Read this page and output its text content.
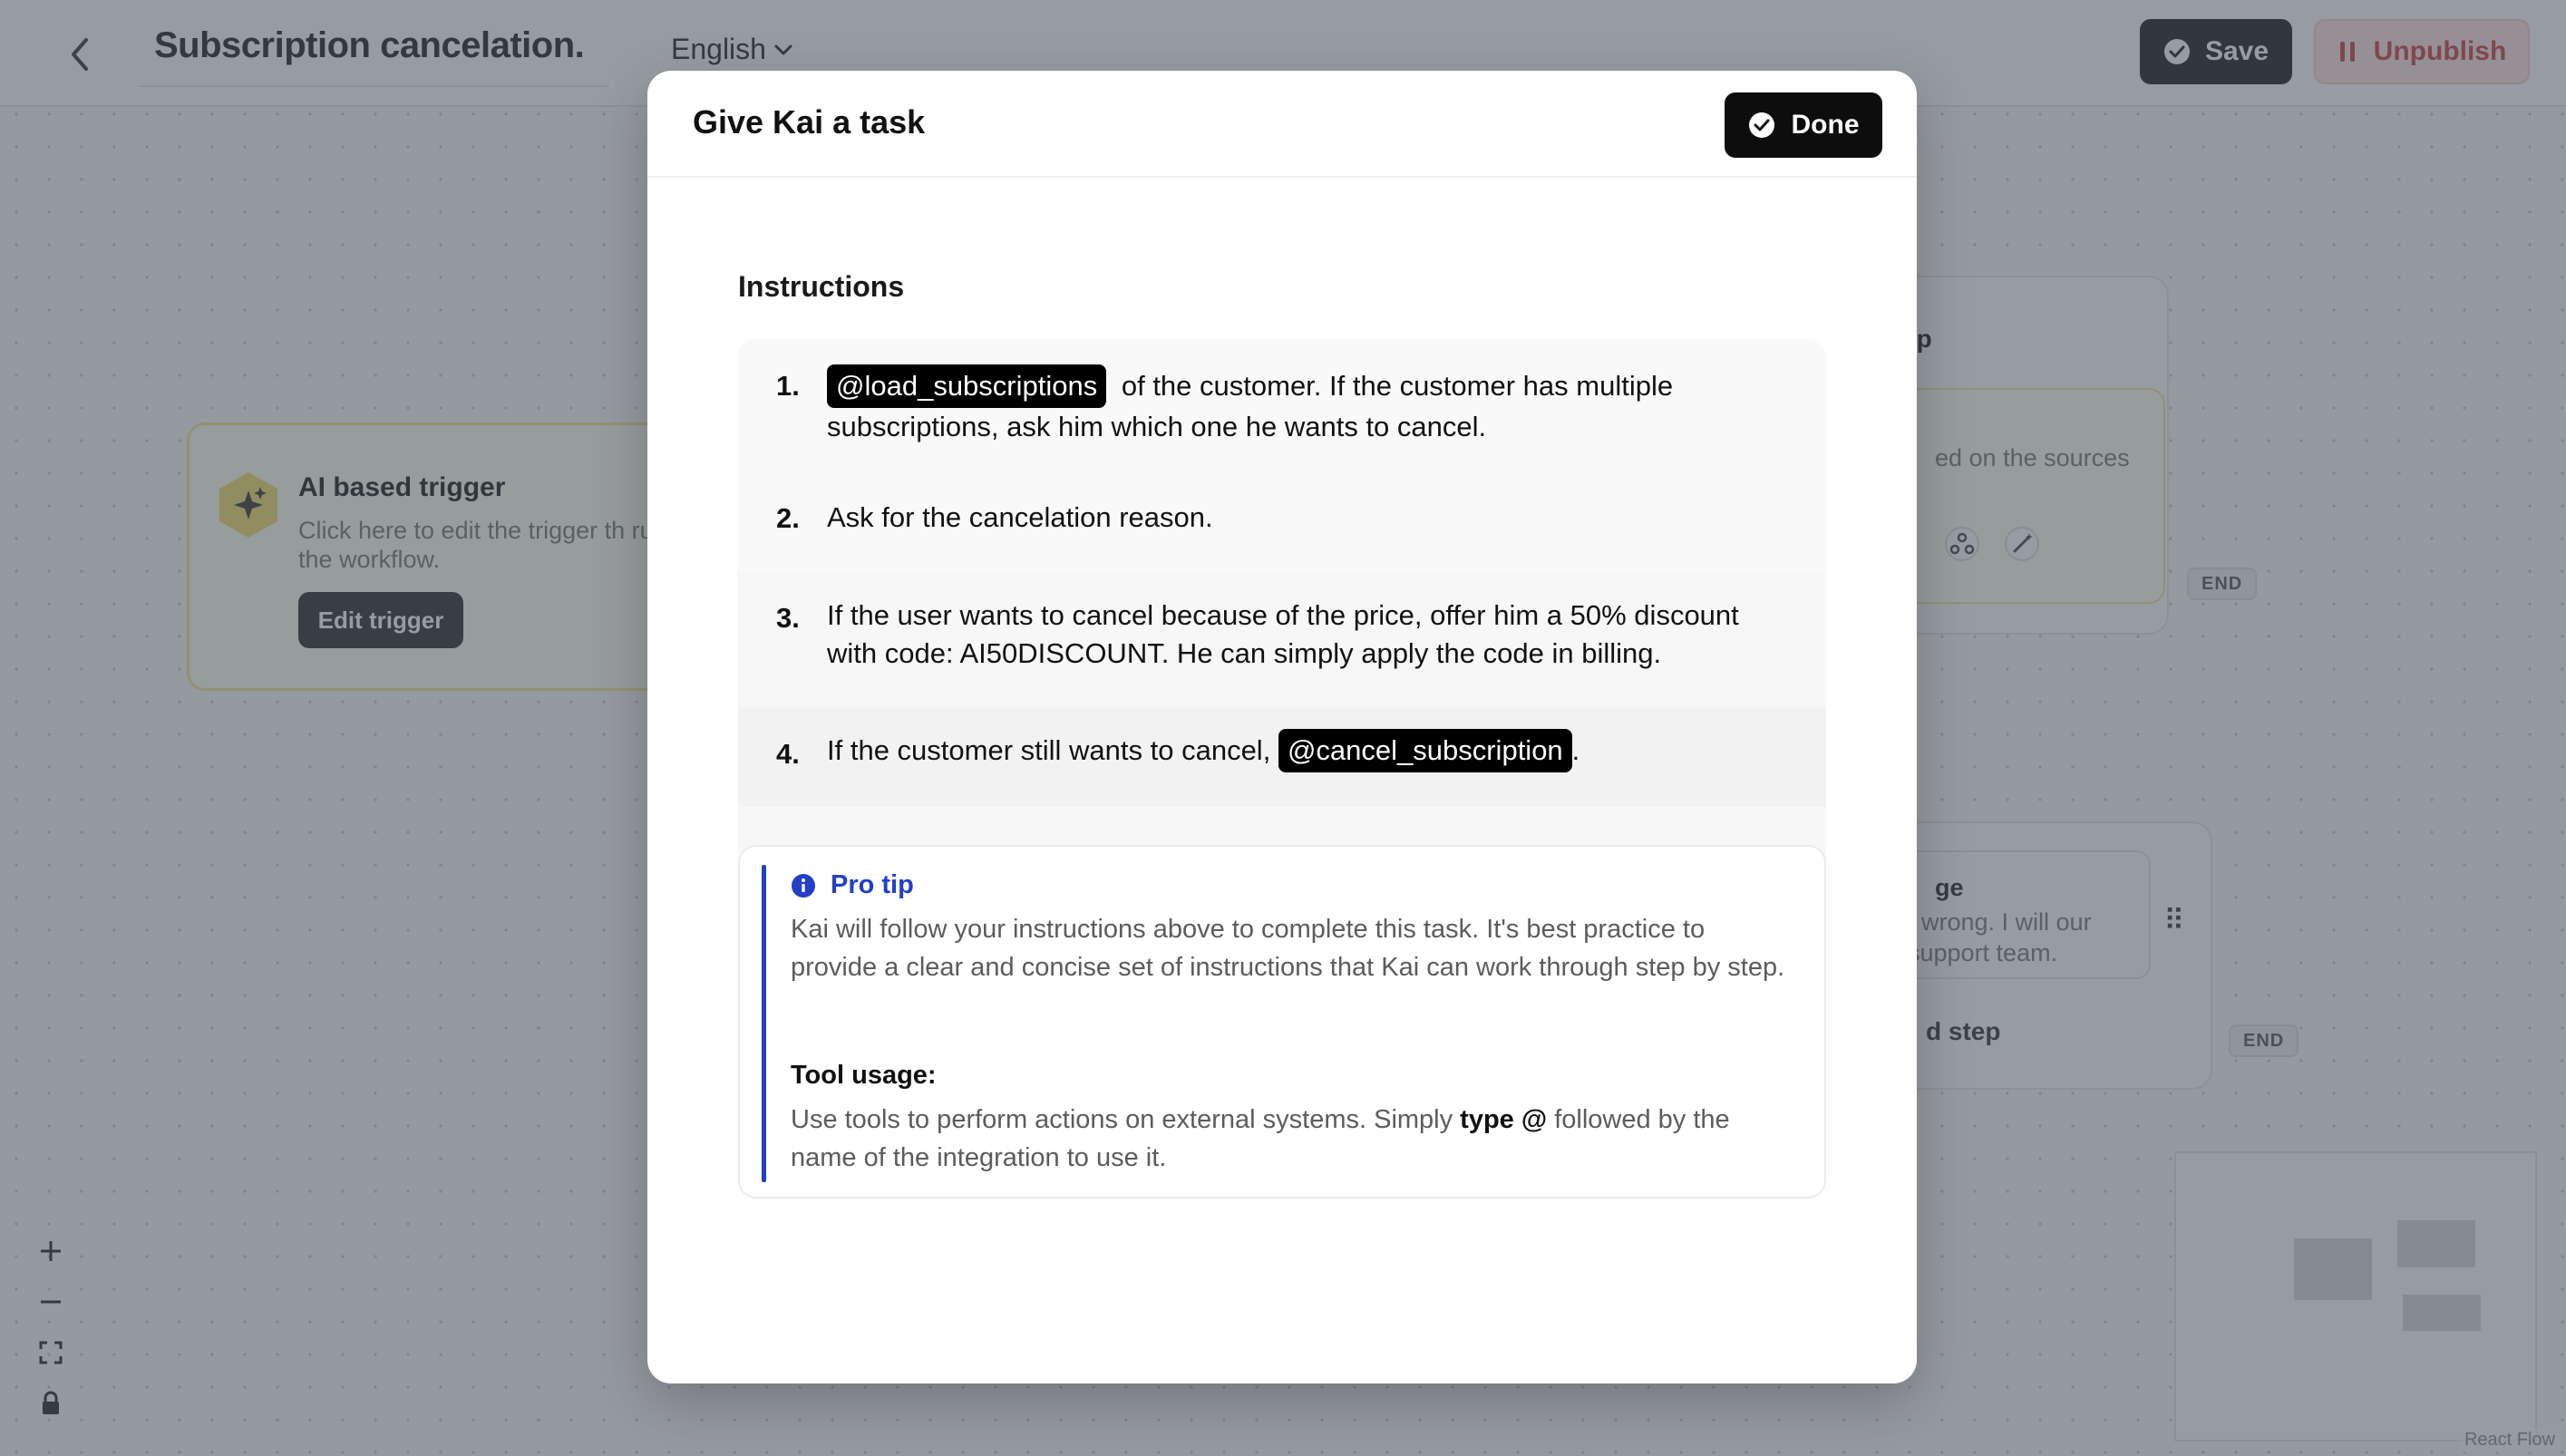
Give Kai a task	Done
Instructions
1.	@load_subscriptions of the customer. If the customer has multiple subscriptions, ask him which one he wants to cancel.
2. Ask for the cancelation reason.
3. If the user wants to cancel because of the price, offer him a 50% discount with code: AI50DISCOUNT. He can simply apply the code in billing.
4. If the customer still wants to cancel, @cancel_subscription .
Pro tip
Kai will follow your instructions above to complete this task. It's best practice to provide a clear and concise set of instructions that Kai can work through step by step.
Tool usage:
Use tools to perform actions on external systems. Simply type @ followed by the name of the integration to use it.
